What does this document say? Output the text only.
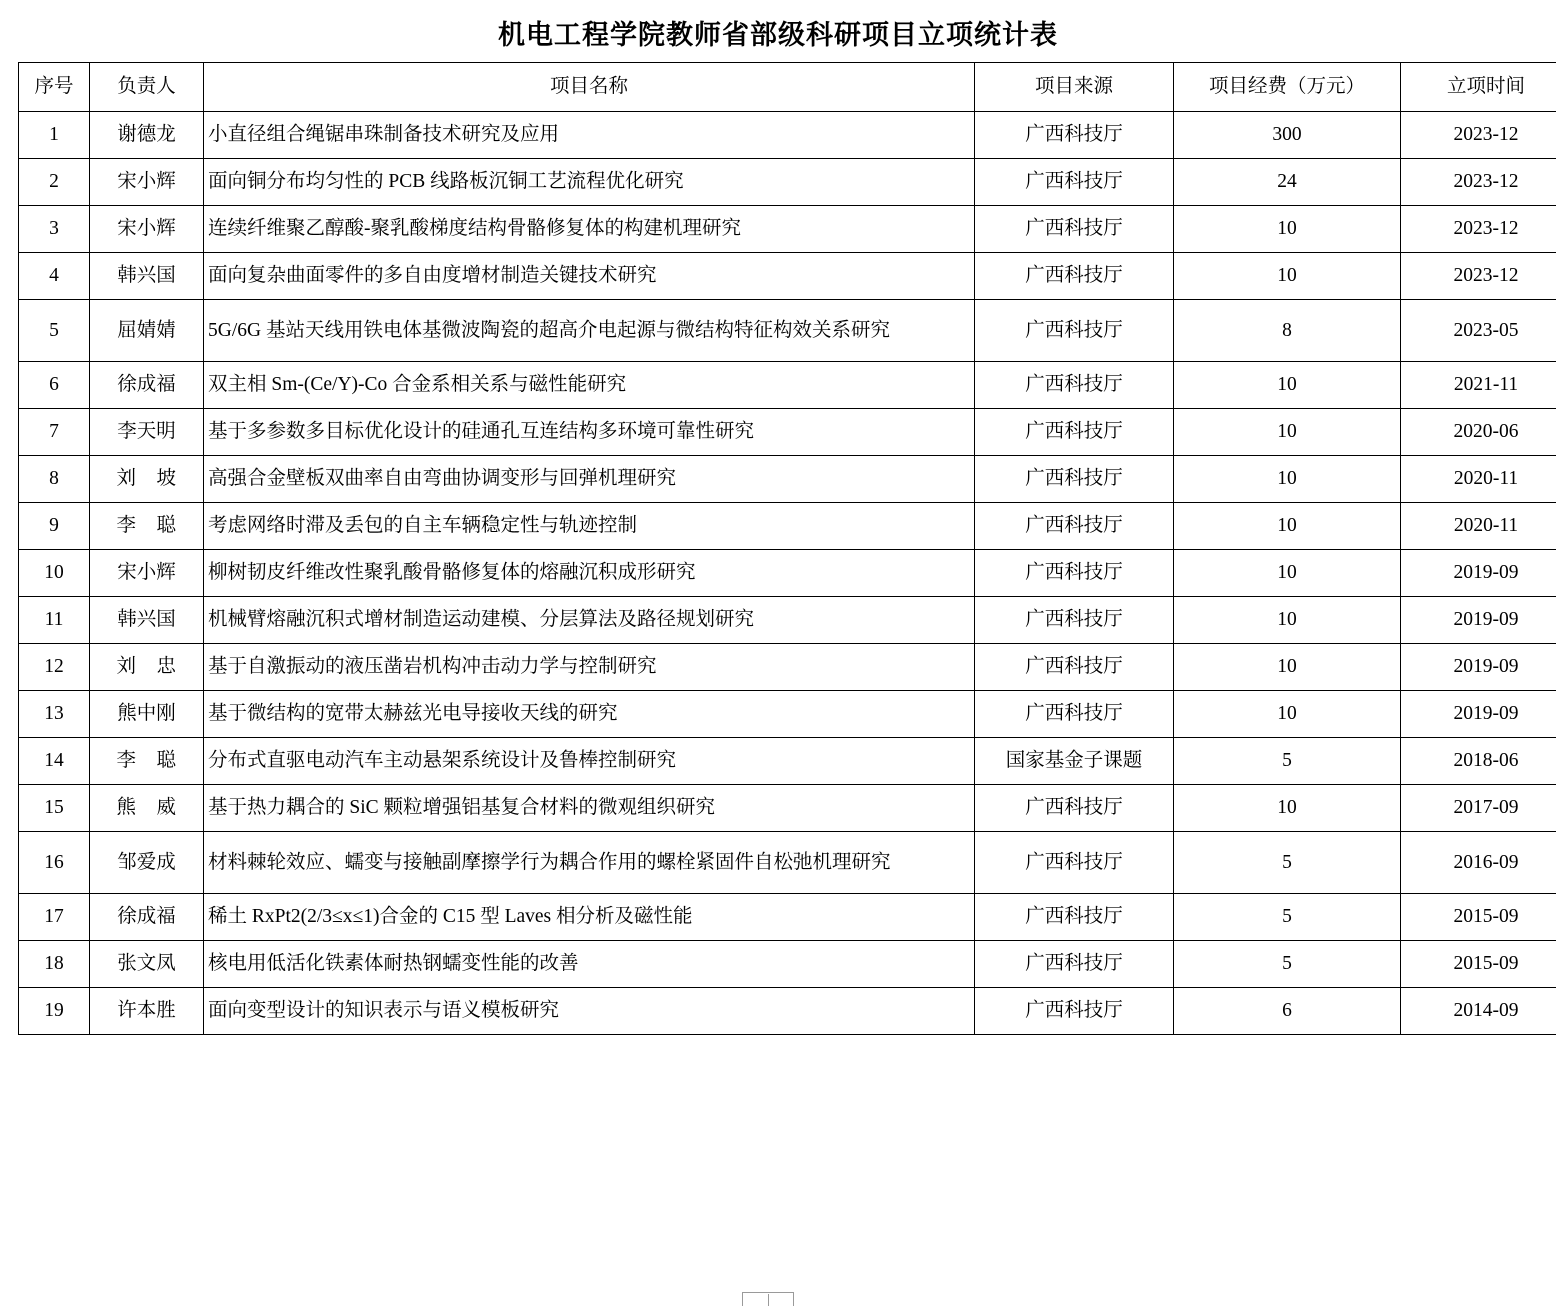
机电工程学院教师省部级科研项目立项统计表
序号	负责人	项目名称	项目来源	项目经费（万元）	立项时间
1	谢德龙	小直径组合绳锯串珠制备技术研究及应用	广西科技厅	300	2023-12
2	宋小辉	面向铜分布均匀性的 PCB 线路板沉铜工艺流程优化研究	广西科技厅	24	2023-12
3	宋小辉	连续纤维聚乙醇酸-聚乳酸梯度结构骨骼修复体的构建机理研究	广西科技厅	10	2023-12
4	韩兴国	面向复杂曲面零件的多自由度增材制造关键技术研究	广西科技厅	10	2023-12
5	屈婧婧	5G/6G 基站天线用铁电体基微波陶瓷的超高介电起源与微结构特征构效关系研究	广西科技厅	8	2023-05
6	徐成福	双主相 Sm-(Ce/Y)-Co 合金系相关系与磁性能研究	广西科技厅	10	2021-11
7	李天明	基于多参数多目标优化设计的硅通孔互连结构多环境可靠性研究	广西科技厅	10	2020-06
8	刘　坡	高强合金壁板双曲率自由弯曲协调变形与回弹机理研究	广西科技厅	10	2020-11
9	李　聪	考虑网络时滞及丢包的自主车辆稳定性与轨迹控制	广西科技厅	10	2020-11
10	宋小辉	柳树韧皮纤维改性聚乳酸骨骼修复体的熔融沉积成形研究	广西科技厅	10	2019-09
11	韩兴国	机械臂熔融沉积式增材制造运动建模、分层算法及路径规划研究	广西科技厅	10	2019-09
12	刘　忠	基于自激振动的液压凿岩机构冲击动力学与控制研究	广西科技厅	10	2019-09
13	熊中刚	基于微结构的宽带太赫兹光电导接收天线的研究	广西科技厅	10	2019-09
14	李　聪	分布式直驱电动汽车主动悬架系统设计及鲁棒控制研究	国家基金子课题	5	2018-06
15	熊　威	基于热力耦合的 SiC 颗粒增强铝基复合材料的微观组织研究	广西科技厅	10	2017-09
16	邹爱成	材料棘轮效应、蠕变与接触副摩擦学行为耦合作用的螺栓紧固件自松弛机理研究	广西科技厅	5	2016-09
17	徐成福	稀土 RxPt2(2/3≤x≤1)合金的 C15 型 Laves 相分析及磁性能	广西科技厅	5	2015-09
18	张文凤	核电用低活化铁素体耐热钢蠕变性能的改善	广西科技厅	5	2015-09
19	许本胜	面向变型设计的知识表示与语义模板研究	广西科技厅	6	2014-09
